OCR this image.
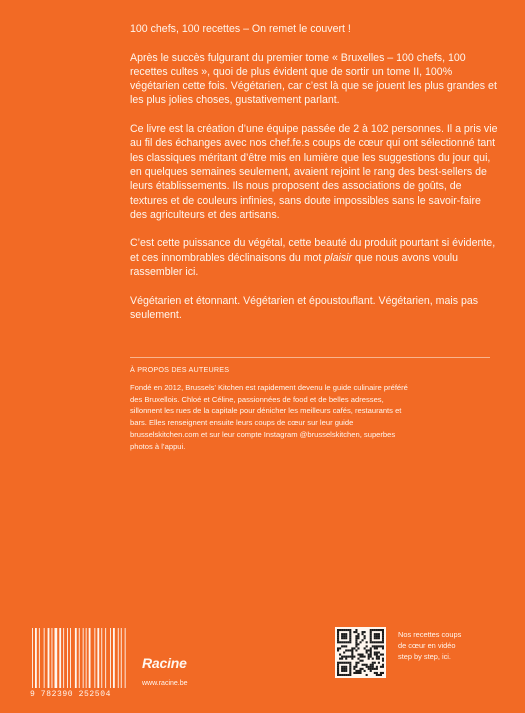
100 chefs, 100 recettes – On remet le couvert !

Après le succès fulgurant du premier tome « Bruxelles – 100 chefs, 100 recettes cultes », quoi de plus évident que de sortir un tome II, 100% végétarien cette fois. Végétarien, car c’est là que se jouent les plus grandes et les plus jolies choses, gustativement parlant.

Ce livre est la création d’une équipe passée de 2 à 102 personnes. Il a pris vie au fil des échanges avec nos chef.fe.s coups de cœur qui ont sélectionné tant les classiques méritant d’être mis en lumière que les suggestions du jour qui, en quelques semaines seulement, avaient rejoint le rang des best-sellers de leurs établissements. Ils nous proposent des associations de goûts, de textures et de couleurs infinies, sans doute impossibles sans le savoir-faire des agriculteurs et des artisans.

C’est cette puissance du végétal, cette beauté du produit pourtant si évidente, et ces innombrables déclinaisons du mot plaisir que nous avons voulu rassembler ici.

Végétarien et étonnant. Végétarien et époustouflant. Végétarien, mais pas seulement.

À PROPOS DES AUTEURES

Fondé en 2012, Brussels’ Kitchen est rapidement devenu le guide culinaire préféré des Bruxellois. Chloé et Céline, passionnées de food et de belles adresses, sillonnent les rues de la capitale pour dénicher les meilleurs cafés, restaurants et bars. Elles renseignent ensuite leurs coups de cœur sur leur guide brusselskitchen.com et sur leur compte Instagram @brusselskitchen, superbes photos à l’appui.

9 782390 252504
Racine
www.racine.be

Nos recettes coups de cœur en vidéo step by step, ici.
